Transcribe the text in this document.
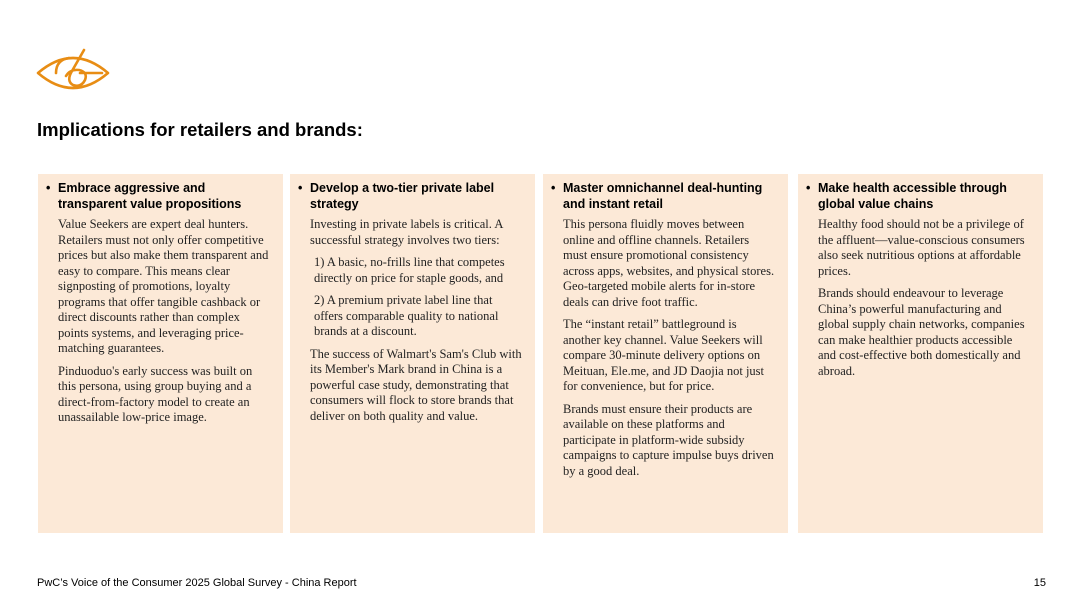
Implications for retailers and brands:
• Embrace aggressive and transparent value propositions

Value Seekers are expert deal hunters. Retailers must not only offer competitive prices but also make them transparent and easy to compare. This means clear signposting of promotions, loyalty programs that offer tangible cashback or direct discounts rather than complex points systems, and leveraging price-matching guarantees.

Pinduoduo's early success was built on this persona, using group buying and a direct-from-factory model to create an unassailable low-price image.

• Develop a two-tier private label strategy

Investing in private labels is critical. A successful strategy involves two tiers:

1) A basic, no-frills line that competes directly on price for staple goods, and

2) A premium private label line that offers comparable quality to national brands at a discount.

The success of Walmart's Sam's Club with its Member's Mark brand in China is a powerful case study, demonstrating that consumers will flock to store brands that deliver on both quality and value.

• Master omnichannel deal-hunting and instant retail

This persona fluidly moves between online and offline channels. Retailers must ensure promotional consistency across apps, websites, and physical stores. Geo-targeted mobile alerts for in-store deals can drive foot traffic.

The “instant retail” battleground is another key channel. Value Seekers will compare 30-minute delivery options on Meituan, Ele.me, and JD Daojia not just for convenience, but for price.

Brands must ensure their products are available on these platforms and participate in platform-wide subsidy campaigns to capture impulse buys driven by a good deal.

• Make health accessible through global value chains

Healthy food should not be a privilege of the affluent—value-conscious consumers also seek nutritious options at affordable prices.

Brands should endeavour to leverage China’s powerful manufacturing and global supply chain networks, companies can make healthier products accessible and cost-effective both domestically and abroad.

PwC’s Voice of the Consumer 2025 Global Survey - China Report	15
